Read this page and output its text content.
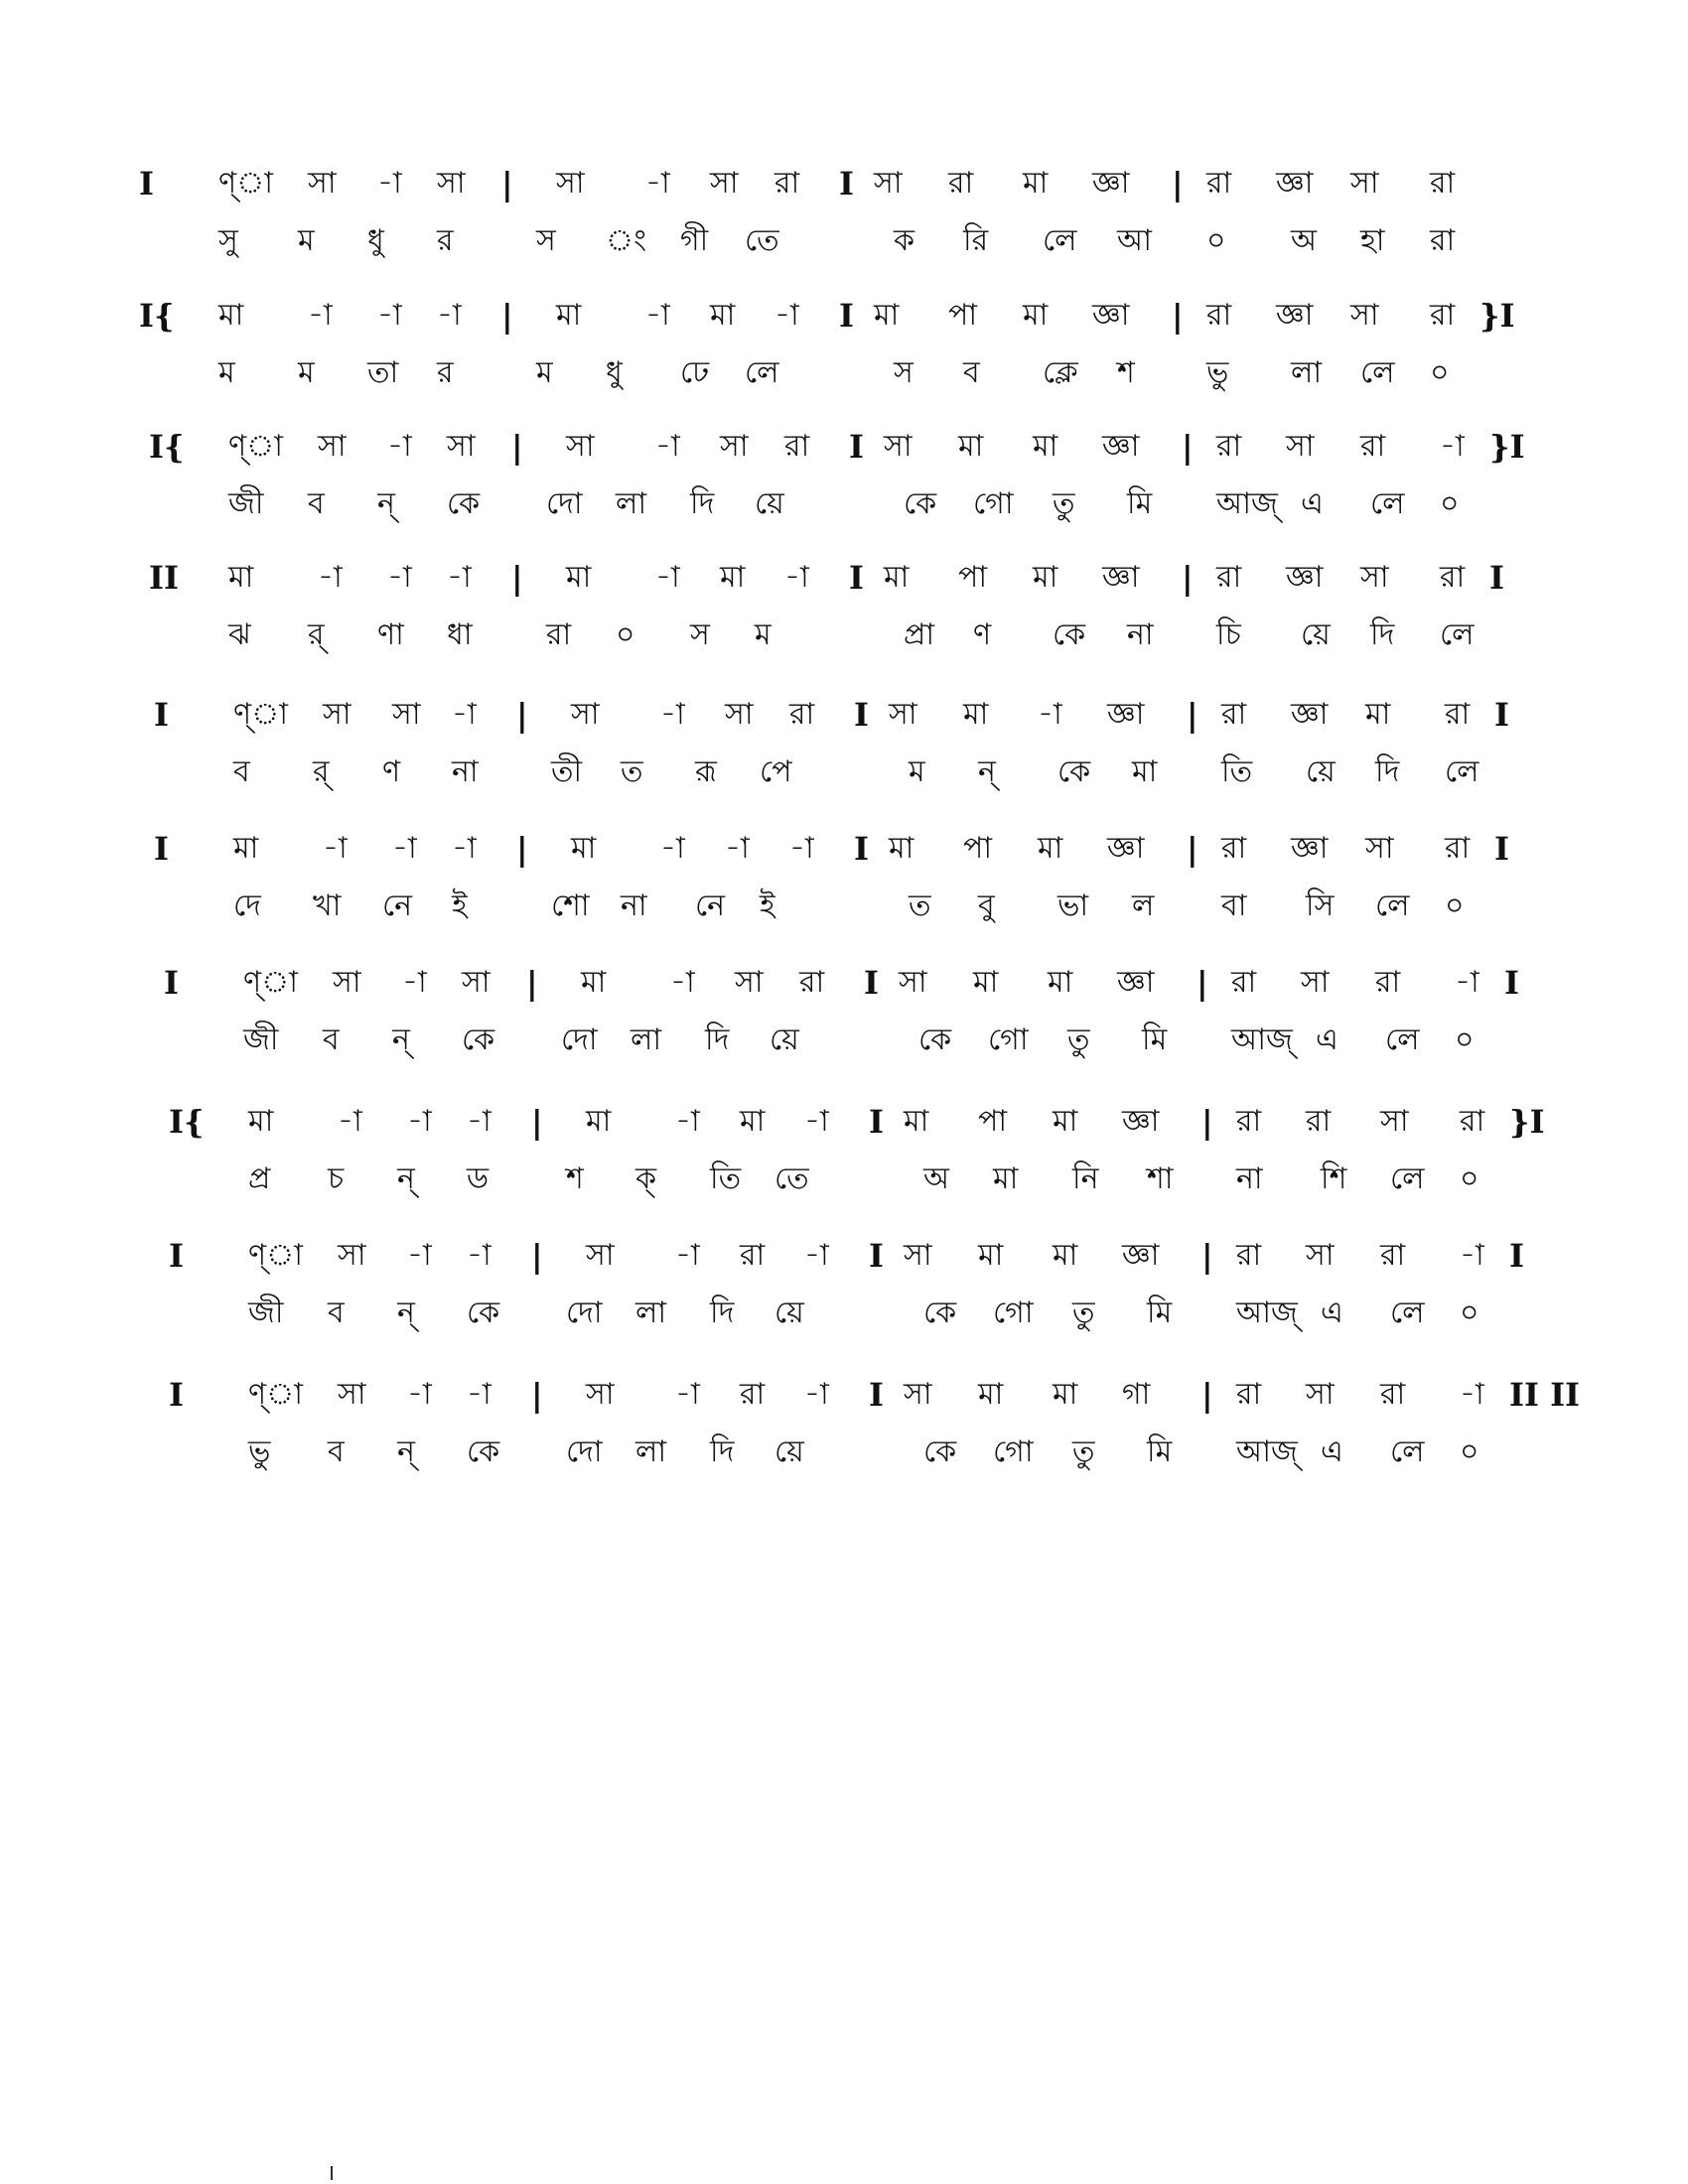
I ণ্া সা -া সা | সা -া সা রা I সা রা মা জ্ঞা | রা জ্ঞা সা রা
সু ম ধু র	স ং গী তে	ক রি লে আ ০ অ হা রা
I{ মা -া -া -া | মা -া মা -া I মা পা মা জ্ঞা | রা জ্ঞা সা রা }I
ম ম তা র	ম ধু ঢে লে	স ব ক্লে শ ভু লা লে ০
I{ ণ্া সা -া সা | সা -া সা রা I সা মা মা জ্ঞা | রা সা রা -া }I
জী ব ন্ কে দো লা দি য়ে	কে গো তু মি আজ্ এ লে ০
II মা -া -া -া | মা -া মা -া I মা পা মা জ্ঞা | রা জ্ঞা সা রা I
ঝ র্ ণা ধা রা ০ স ম	প্রা ণ কে না চি য়ে দি লে
I ণ্া সা সা -া | সা -া সা রা I সা মা -া জ্ঞা | রা জ্ঞা মা রা I
ব র্ ণ না তী ত রূ পে	ম ন্ কে মা তি য়ে দি লে
I মা -া -া -া | মা -া -া -া I মা পা মা জ্ঞা | রা জ্ঞা সা রা I
দে খা নে ই	শো না নে ই	ত বু ভা ল বা সি লে ০
I ণ্া সা -া সা | মা -া সা রা I সা মা মা জ্ঞা | রা সা রা -া I
জী ব ন্ কে দো লা দি য়ে	কে গো তু মি আজ্ এ লে ০
I{ মা -া -া -া | মা -া মা -া I মা পা মা জ্ঞা | রা রা সা রা }I
প্র চ ন্ ড	শ ক্ তি তে	অ মা নি শা না শি লে ০
I ণ্া সা -া -া | সা -া রা -া I সা মা মা জ্ঞা | রা সা রা -া I
জী ব ন্ কে দো লা দি য়ে	কে গো তু মি আজ্ এ লে ০
I ণ্া সা -া -া | সা -া রা -া I সা মা মা গা | রা সা রা -া II II
ভু ব ন্ কে দো লা দি য়ে	কে গো তু মি আজ্ এ লে ০
